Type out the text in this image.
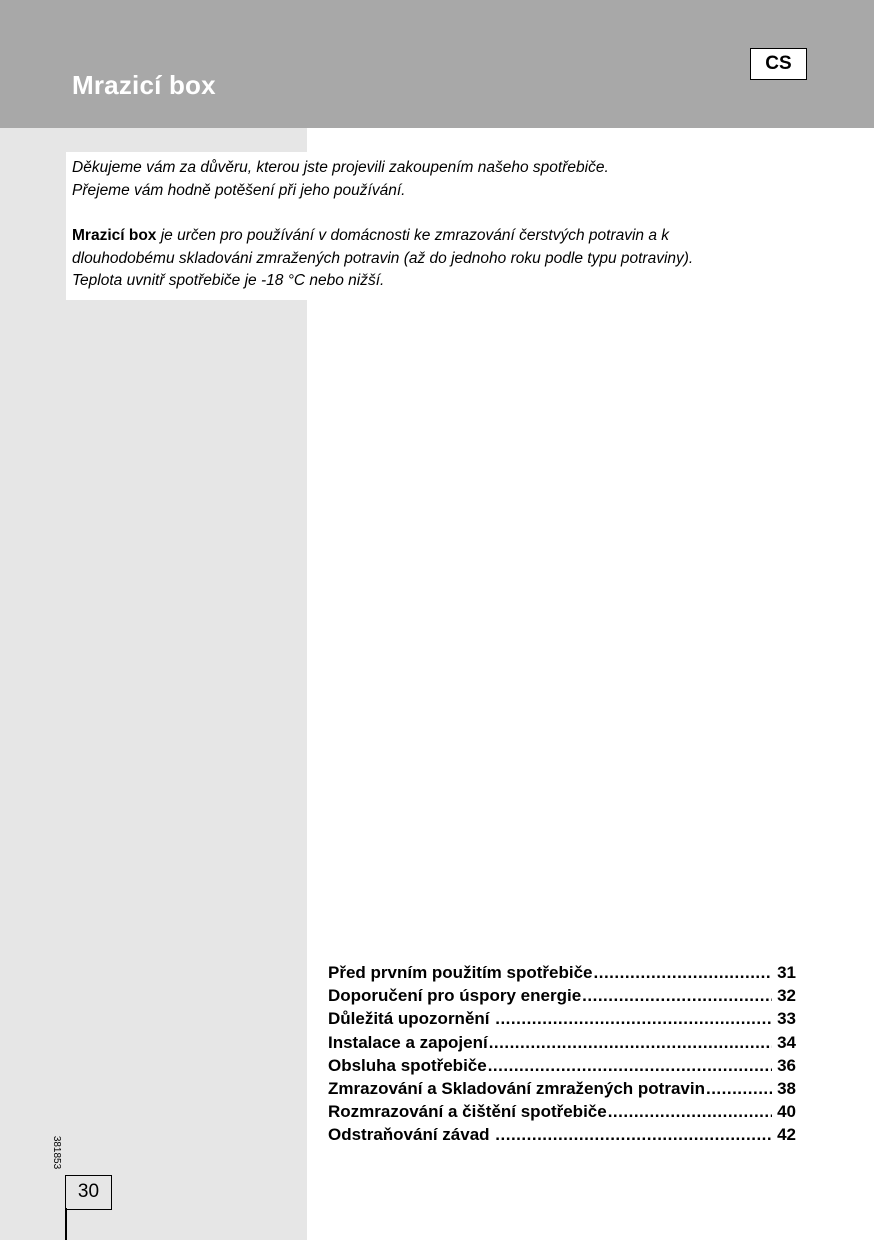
Mrazicí box
CS

Děkujeme vám za důvěru, kterou jste projevili zakoupením našeho spotřebiče.
Přejeme vám hodně potěšení při jeho používání.

Mrazicí box je určen pro používání v domácnosti ke zmrazování čerstvých potravin a k
dlouhodobému skladováni zmražených potravin (až do jednoho roku podle typu potraviny).
Teplota uvnitř spotřebiče je -18 °C nebo nižší.

Před prvním použitím spotřebiče .....	31
Doporučení pro úspory energie .....	32
Důležitá upozornění .....	33
Instalace a zapojení .....	34
Obsluha spotřebiče .....	36
Zmrazování a Skladování zmražených potravin .....	38
Rozmrazování a čištění spotřebiče .....	40
Odstraňování závad .....	42
381853
30
